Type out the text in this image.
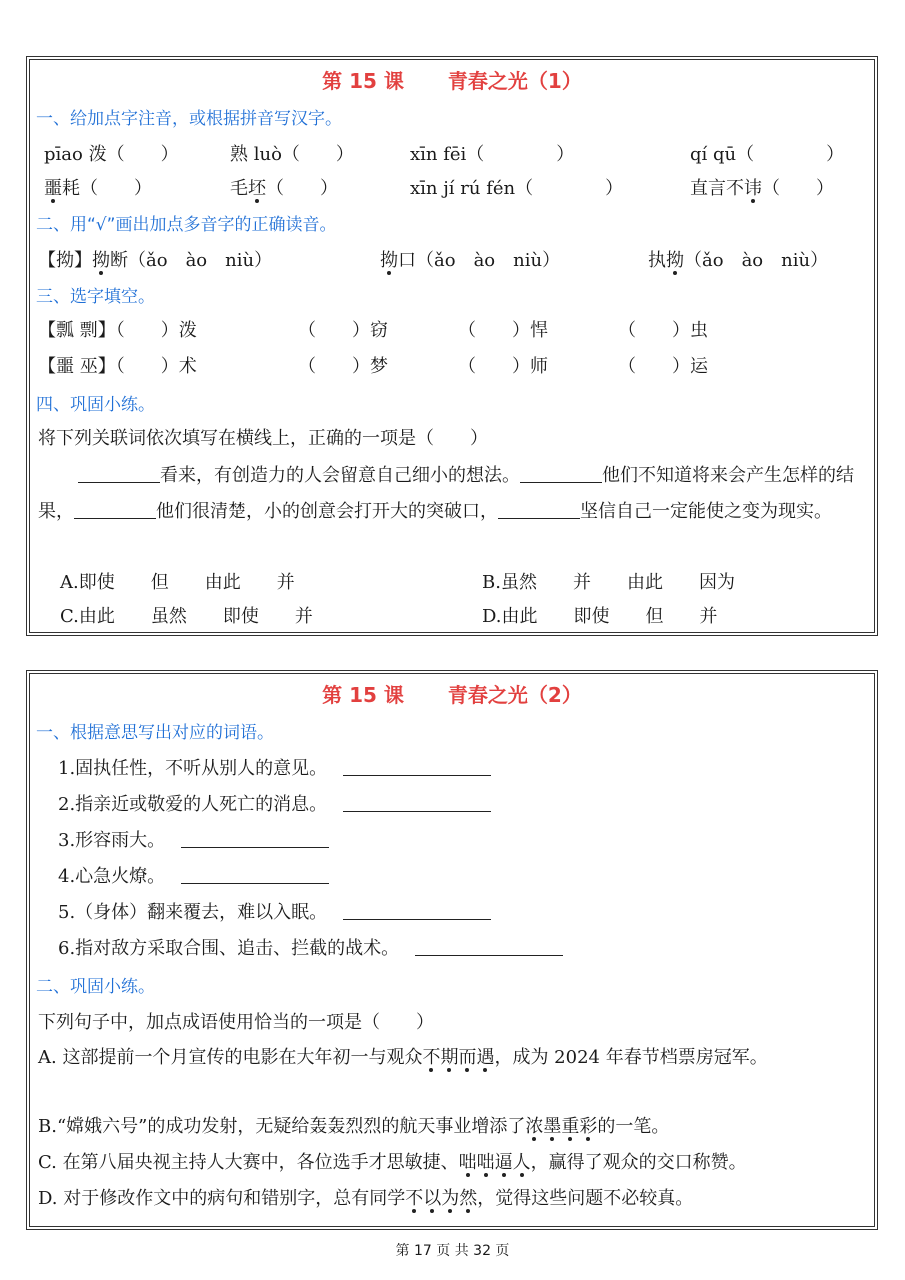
第 15 课 青春之光（1）
一、给加点字注音，或根据拼音写汉字。
pīao 泼（　　）	熟 luò（　　）	xīn fēi（　　　　）	qí qū（　　　　）
噩耗（　　）	毛坯（　　）	xīn jí rú fén（　　　　）	直言不讳（　　）
二、用“√”画出加点多音字的正确读音。
【拗】拗断（ǎo　ào　niù）	拗口（ǎo　ào　niù）	执拗（ǎo　ào　niù）
三、选字填空。
【瓢 剽】（　　）泼	（　　）窃	（　　）悍	（　　）虫
【噩 巫】（　　）术	（　　）梦	（　　）师	（　　）运
四、巩固小练。
将下列关联词依次填写在横线上，正确的一项是（　　）
看来，有创造力的人会留意自己细小的想法。	他们不知道将来会产生怎样的结果，	他们很清楚，小的创意会打开大的突破口，	坚信自己一定能使之变为现实。
A.即使　　但　　由此　　并	B.虽然　　并　　由此　　因为
C.由此　　虽然　　即使　　并	D.由此　　即使　　但　　并
第 15 课 青春之光（2）
一、根据意思写出对应的词语。
1.固执任性，不听从别人的意见。
2.指亲近或敬爱的人死亡的消息。
3.形容雨大。
4.心急火燎。
5.（身体）翻来覆去，难以入眠。
6.指对敌方采取合围、追击、拦截的战术。
二、巩固小练。
下列句子中，加点成语使用恰当的一项是（　　）
A. 这部提前一个月宣传的电影在大年初一与观众不期而遇，成为 2024 年春节档票房冠军。
B.“嫦娥六号”的成功发射，无疑给轰轰烈烈的航天事业增添了浓墨重彩的一笔。
C. 在第八届央视主持人大赛中，各位选手才思敏捷、咄咄逼人，赢得了观众的交口称赞。
D. 对于修改作文中的病句和错别字，总有同学不以为然，觉得这些问题不必较真。
第 17 页 共 32 页
